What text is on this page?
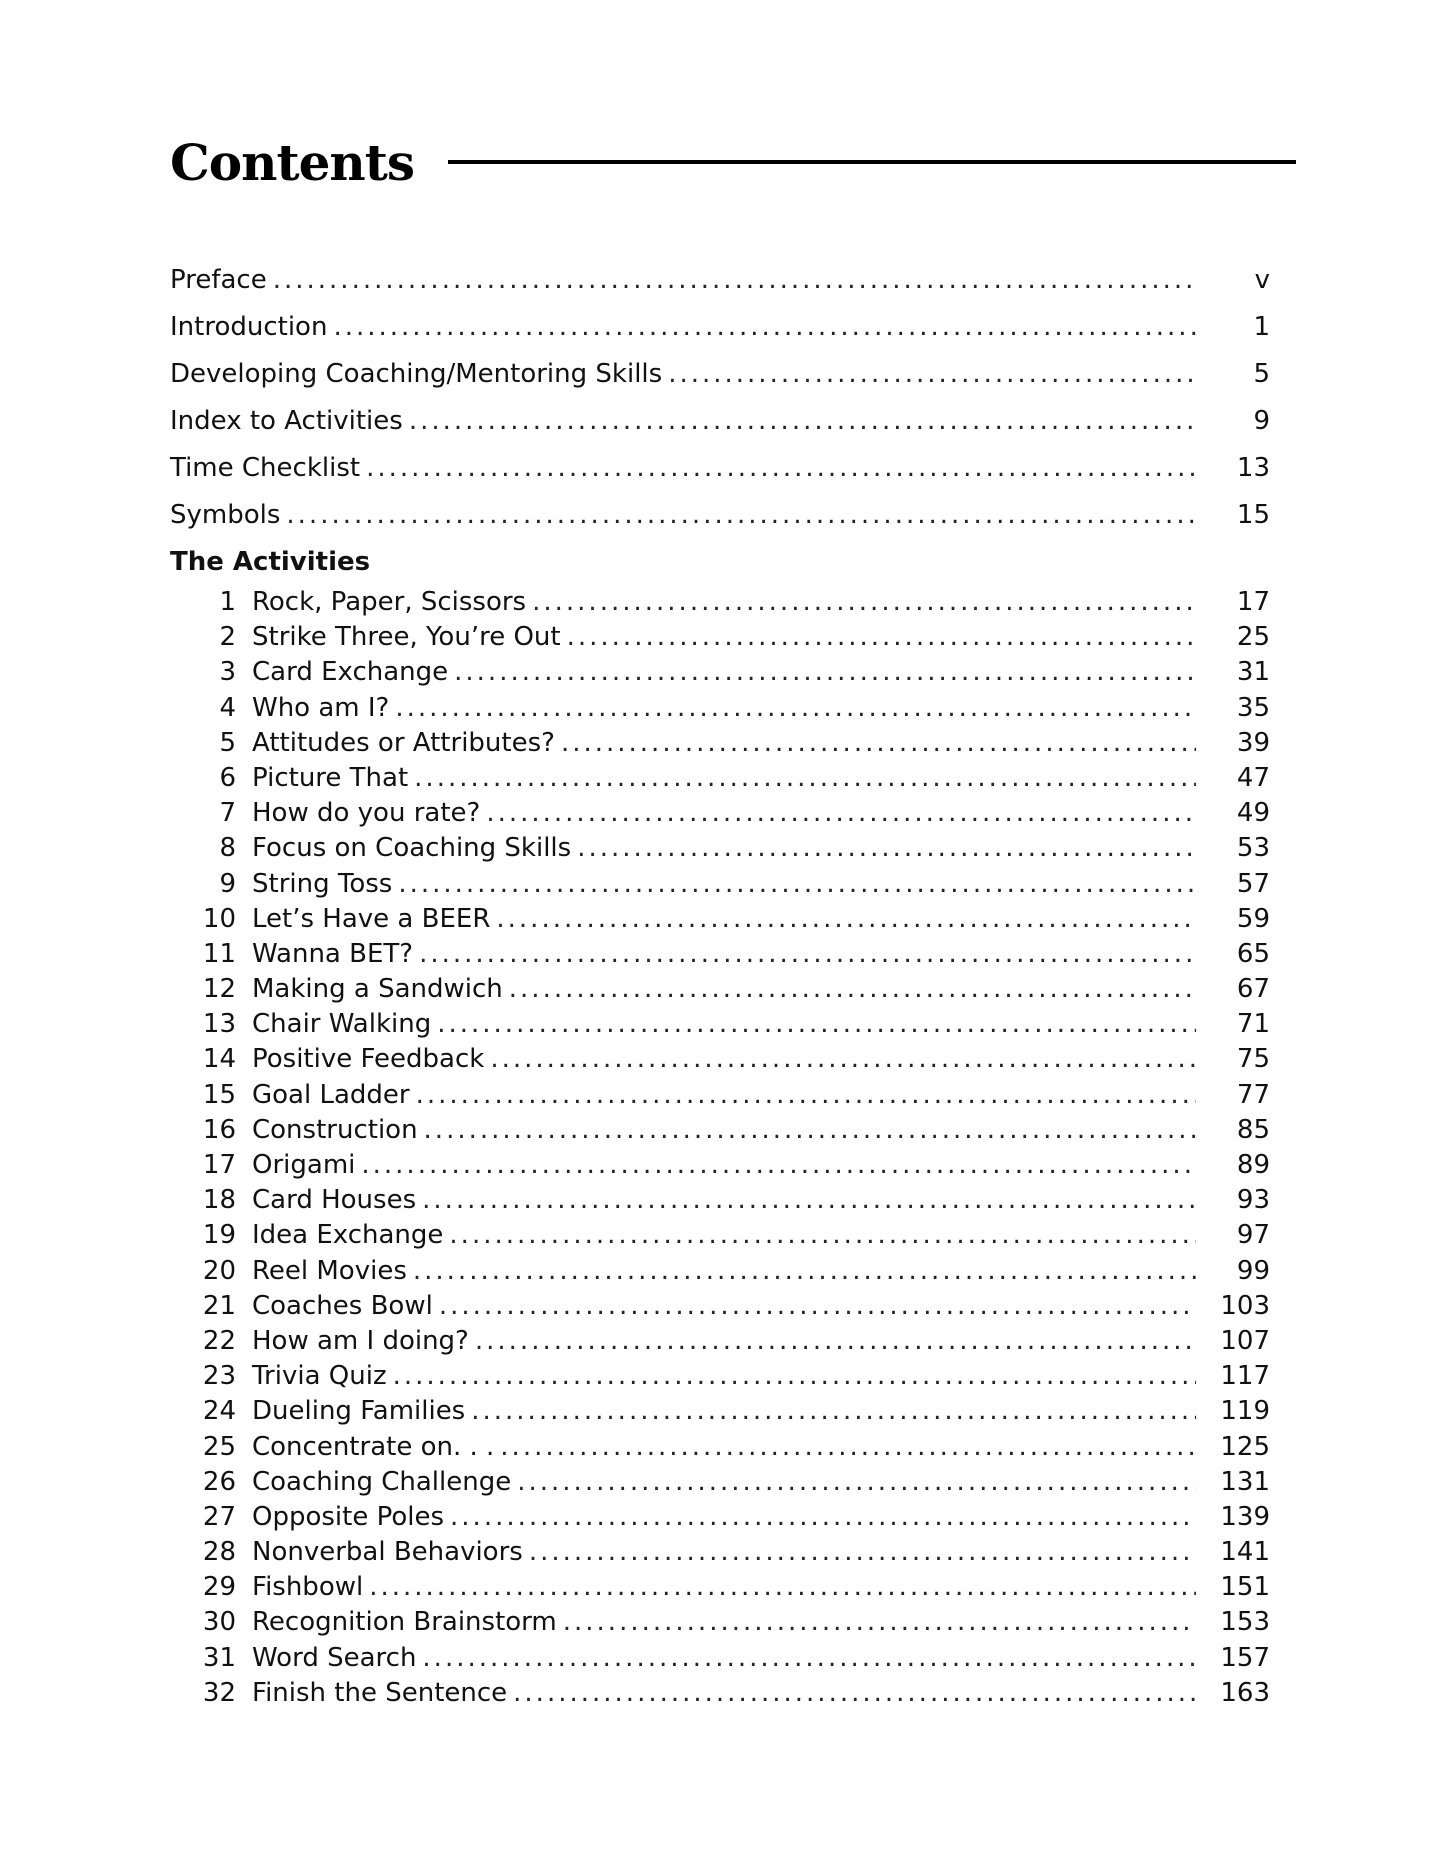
Contents
Preface .....	v
Introduction .....	1
Developing Coaching/Mentoring Skills .....	5
Index to Activities .....	9
Time Checklist .....	13
Symbols .....	15
The Activities
1 Rock, Paper, Scissors .....	17
2 Strike Three, You’re Out .....	25
3 Card Exchange .....	31
4 Who am I? .....	35
5 Attitudes or Attributes? .....	39
6 Picture That .....	47
7 How do you rate? .....	49
8 Focus on Coaching Skills .....	53
9 String Toss .....	57
10 Let’s Have a BEER .....	59
11 Wanna BET? .....	65
12 Making a Sandwich .....	67
13 Chair Walking .....	71
14 Positive Feedback .....	75
15 Goal Ladder .....	77
16 Construction .....	85
17 Origami .....	89
18 Card Houses .....	93
19 Idea Exchange .....	97
20 Reel Movies .....	99
21 Coaches Bowl .....	103
22 How am I doing? .....	107
23 Trivia Quiz .....	117
24 Dueling Families .....	119
25 Concentrate on. . . .....	125
26 Coaching Challenge .....	131
27 Opposite Poles .....	139
28 Nonverbal Behaviors .....	141
29 Fishbowl .....	151
30 Recognition Brainstorm .....	153
31 Word Search .....	157
32 Finish the Sentence .....	163
